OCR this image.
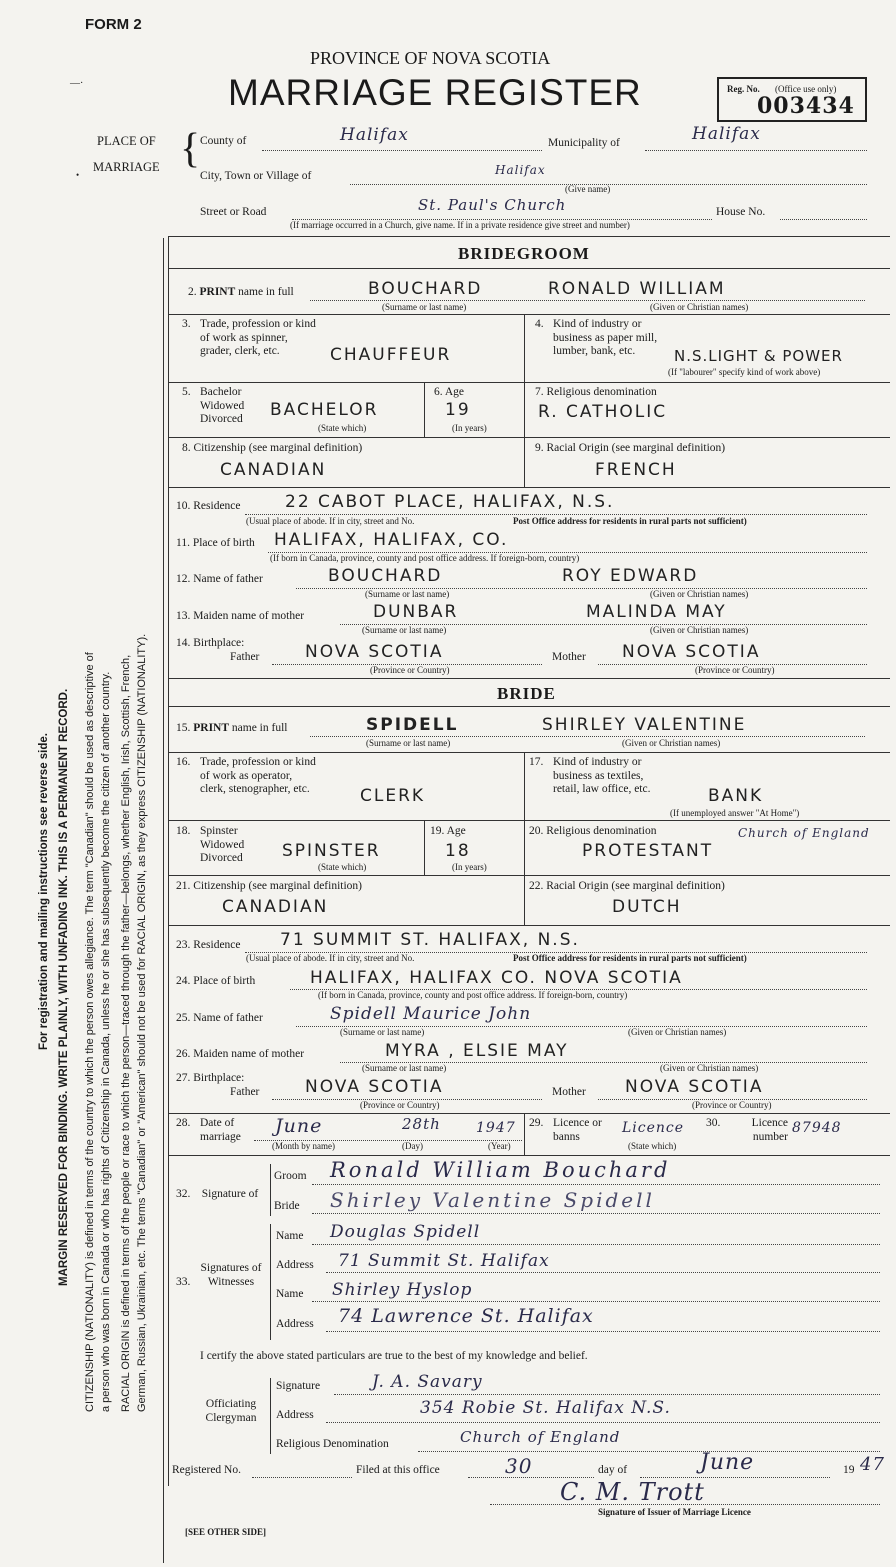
FORM 2
PROVINCE OF NOVA SCOTIA
MARRIAGE REGISTER	Reg. No. (Office use only)
003434
—·
PLACE OF
MARRIAGE { County of	Halifax	Municipality of	Halifax
City, Town or Village of	Halifax
(Give name)
Street or Road	St. Paul's Church	House No.
(If marriage occurred in a Church, give name. If in a private residence give street and number)
BRIDEGROOM
2. PRINT name in full	BOUCHARD	RONALD WILLIAM
(Surname or last name)	(Given or Christian names)
3. Trade, profession or kind of work as spinner, grader, clerk, etc.	CHAUFFEUR
4. Kind of industry or business as paper mill, lumber, bank, etc.	N.S.LIGHT & POWER
(If "labourer" specify kind of work above)
5. Bachelor Widowed Divorced	BACHELOR
(State which)
6. Age
19
(In years)
7. Religious denomination
R. CATHOLIC
8. Citizenship (see marginal definition)
CANADIAN
9. Racial Origin (see marginal definition)
FRENCH
10. Residence	22 CABOT PLACE, HALIFAX, N.S.
(Usual place of abode. If in city, street and No.	Post Office address for residents in rural parts not sufficient)
11. Place of birth HALIFAX, HALIFAX, CO.
(If born in Canada, province, county and post office address. If foreign-born, country)
12. Name of father	BOUCHARD	ROY EDWARD
(Surname or last name)	(Given or Christian names)
13. Maiden name of mother	DUNBAR	MALINDA MAY
(Surname or last name)	(Given or Christian names)
14. Birthplace:
Father	NOVA SCOTIA	Mother NOVA SCOTIA
(Province or Country)	(Province or Country)
BRIDE
15. PRINT name in full	SPIDELL	SHIRLEY VALENTINE
(Surname or last name)	(Given or Christian names)
16. Trade, profession or kind of work as operator, clerk, stenographer, etc.	CLERK
17. Kind of industry or business as textiles, retail, law office, etc.	BANK
(If unemployed answer "At Home")
18. Spinster Widowed Divorced	SPINSTER
(State which)
19. Age
18
(In years)
20. Religious denomination
PROTESTANT
Church of England
21. Citizenship (see marginal definition)
CANADIAN
22. Racial Origin (see marginal definition)
DUTCH
23. Residence 71 SUMMIT ST. HALIFAX, N.S.
(Usual place of abode. If in city, street and No.	Post Office address for residents in rural parts not sufficient)
24. Place of birth	HALIFAX, HALIFAX CO. NOVA SCOTIA
(If born in Canada, province, county and post office address. If foreign-born, country)
25. Name of father	Spidell Maurice John
(Surname or last name)	(Given or Christian names)
26. Maiden name of mother	MYRA , ELSIE MAY
(Surname or last name)	(Given or Christian names)
27. Birthplace:
Father	NOVA SCOTIA	Mother NOVA SCOTIA
(Province or Country)	(Province or Country)
28. Date of marriage	June	28th	1947
(Month by name)	(Day)	(Year)
29. Licence or banns
Licence
(State which)
30.	Licence number
87948
32. Signature of
Groom Ronald William Bouchard
Bride Shirley Valentine Spidell
33.
Signatures of Witnesses
Name Douglas Spidell
Address 71 Summit St. Halifax
Name Shirley Hyslop
Address 74 Lawrence St. Halifax
I certify the above stated particulars are true to the best of my knowledge and belief.
Officiating Clergyman
Signature	J. A. Savary
Address	354 Robie St. Halifax N.S.
Religious Denomination	Church of England
Registered No.	Filed at this office	30	day of	June	19 47
C. M. Trott
Signature of Issuer of Marriage Licence
[SEE OTHER SIDE]
For registration and mailing instructions see reverse side. MARGIN RESERVED FOR BINDING. WRITE PLAINLY, WITH UNFADING INK. THIS IS A PERMANENT RECORD. CITIZENSHIP (NATIONALITY) is defined in terms of the country to which the person owes allegiance. The term "Canadian" should be used as descriptive of a person who was born in Canada or who has rights of Citizenship in Canada, unless he or she has subsequently become the citizen of another country. RACIAL ORIGIN is defined in terms of the people or race to which the person—traced through the father—belongs, whether English, Irish, Scottish, French, German, Russian, Ukrainian, etc. The terms "Canadian" or "American" should not be used for RACIAL ORIGIN, as they express CITIZENSHIP (NATIONALITY).
•
